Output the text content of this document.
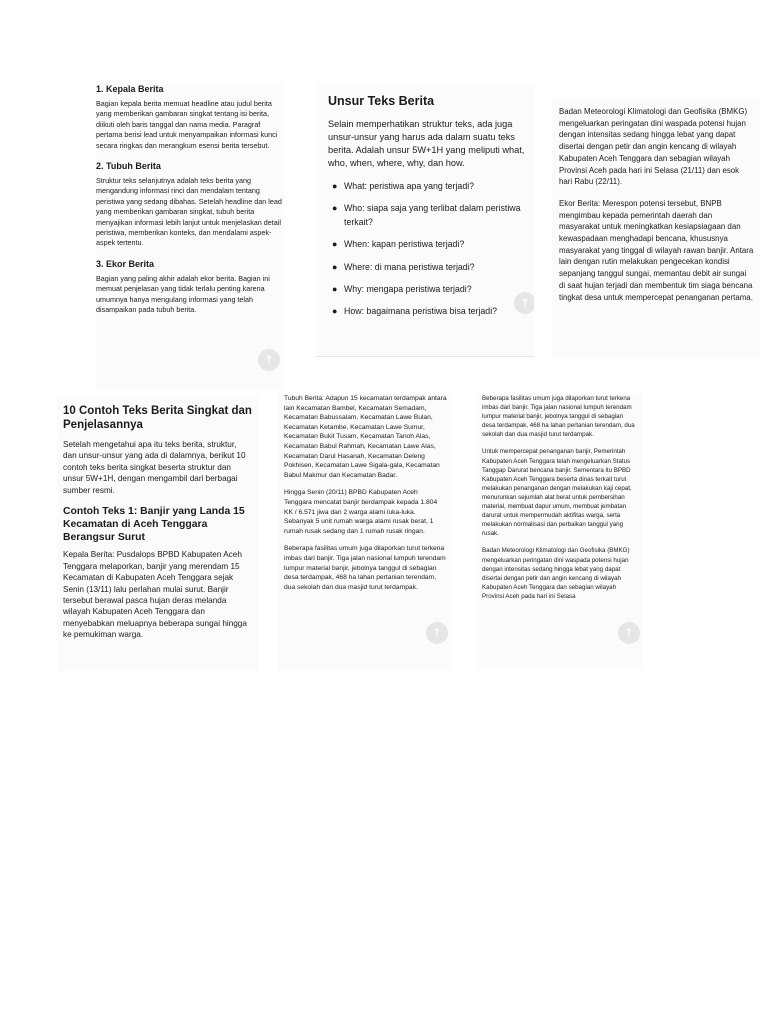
1. Kepala Berita

Bagian kepala berita memuat headline atau judul berita yang memberikan gambaran singkat tentang isi berita, diikuti oleh baris tanggal dan nama media. Paragraf pertama berisi lead untuk menyampaikan informasi kunci secara ringkas dan merangkum esensi berita tersebut.

2. Tubuh Berita

Struktur teks selanjutnya adalah teks berita yang mengandung informasi rinci dan mendalam tentang peristiwa yang sedang dibahas. Setelah headline dan lead yang memberikan gambaran singkat, tubuh berita menyajikan informasi lebih lanjut untuk menjelaskan detail peristiwa, memberikan konteks, dan mendalami aspek-aspek tertentu.

3. Ekor Berita

Bagian yang paling akhir adalah ekor berita. Bagian ini memuat penjelasan yang tidak terlalu penting karena umumnya hanya mengulang informasi yang telah disampaikan pada tubuh berita.

↑
Unsur Teks Berita

Selain memperhatikan struktur teks, ada juga unsur-unsur yang harus ada dalam suatu teks berita. Adalah unsur 5W+1H yang meliputi what, who, when, where, why, dan how.

● What: peristiwa apa yang terjadi?
● Who: siapa saja yang terlibat dalam peristiwa terkait?
● When: kapan peristiwa terjadi?
● Where: di mana peristiwa terjadi?
● Why: mengapa peristiwa terjadi?
● How: bagaimana peristiwa bisa terjadi?
↑

Badan Meteorologi Klimatologi dan Geofisika (BMKG) mengeluarkan peringatan dini waspada potensi hujan dengan intensitas sedang hingga lebat yang dapat disertai dengan petir dan angin kencang di wilayah Kabupaten Aceh Tenggara dan sebagian wilayah Provinsi Aceh pada hari ini Selasa (21/11) dan esok hari Rabu (22/11).

Ekor Berita: Merespon potensi tersebut, BNPB mengimbau kepada pemerintah daerah dan masyarakat untuk meningkatkan kesiapsiagaan dan kewaspadaan menghadapi bencana, khususnya masyarakat yang tinggal di wilayah rawan banjir. Antara lain dengan rutin melakukan pengecekan kondisi sepanjang tanggul sungai, memantau debit air sungai di saat hujan terjadi dan membentuk tim siaga bencana tingkat desa untuk mempercepat penanganan pertama.

10 Contoh Teks Berita Singkat dan Penjelasannya

Setelah mengetahui apa itu teks berita, struktur, dan unsur-unsur yang ada di dalamnya, berikut 10 contoh teks berita singkat beserta struktur dan unsur 5W+1H, dengan mengambil dari berbagai sumber resmi.

Contoh Teks 1: Banjir yang Landa 15 Kecamatan di Aceh Tenggara Berangsur Surut

Kepala Berita: Pusdalops BPBD Kabupaten Aceh Tenggara melaporkan, banjir yang merendam 15 Kecamatan di Kabupaten Aceh Tenggara sejak Senin (13/11) lalu perlahan mulai surut. Banjir tersebut berawal pasca hujan deras melanda wilayah Kabupaten Aceh Tenggara dan menyebabkan meluapnya beberapa sungai hingga ke pemukiman warga.

Tubuh Berita: Adapun 15 kecamatan terdampak antara lain Kecamatan Bambel, Kecamatan Semadam, Kecamatan Babussalam, Kecamatan Lawe Bulan, Kecamatan Ketambe, Kecamatan Lawe Sumur, Kecamatan Bukit Tusam, Kecamatan Tanoh Alas, Kecamatan Babul Rahmah, Kecamatan Lawe Alas, Kecamatan Darul Hasanah, Kecamatan Deleng Pokhisen, Kecamatan Lawe Sigala-gala, Kecamatan Babul Makmur dan Kecamatan Badar.

Hingga Senin (20/11) BPBD Kabupaten Aceh Tenggara mencatat banjir berdampak kepada 1.804 KK / 6.571 jiwa dan 2 warga alami luka-luka. Sebanyak 5 unit rumah warga alami rusak berat, 1 rumah rusak sedang dan 1 rumah rusak ringan.

Beberapa fasilitas umum juga dilaporkan turut terkena imbas dari banjir. Tiga jalan nasional lumpuh terendam lumpur material banjir, jebolnya tanggul di sebagian desa terdampak, 468 ha lahan pertanian terendam, dua sekolah dan dua masjid turut terdampak.

↑

Beberapa fasilitas umum juga dilaporkan turut terkena imbas dari banjir. Tiga jalan nasional lumpuh terendam lumpur material banjir, jebolnya tanggul di sebagian desa terdampak, 468 ha lahan pertanian terendam, dua sekolah dan dua masjid turut terdampak.

Untuk mempercepat penanganan banjir, Pemerintah Kabupaten Aceh Tenggara telah mengeluarkan Status Tanggap Darurat bencana banjir. Sementara itu BPBD Kabupaten Aceh Tenggara beserta dinas terkait turut melakukan penanganan dengan melakukan kaji cepat, menurunkan sejumlah alat berat untuk pembersihan material, membuat dapur umum, membuat jembatan darurat untuk mempermudah aktifitas warga, serta melakukan normalisasi dan perbaikan tanggul yang rusak.

Badan Meteorologi Klimatologi dan Geofisika (BMKG) mengeluarkan peringatan dini waspada potensi hujan dengan intensitas sedang hingga lebat yang dapat disertai dengan petir dan angin kencang di wilayah Kabupaten Aceh Tenggara dan sebagian wilayah Provinsi Aceh pada hari ini Selasa

↑
